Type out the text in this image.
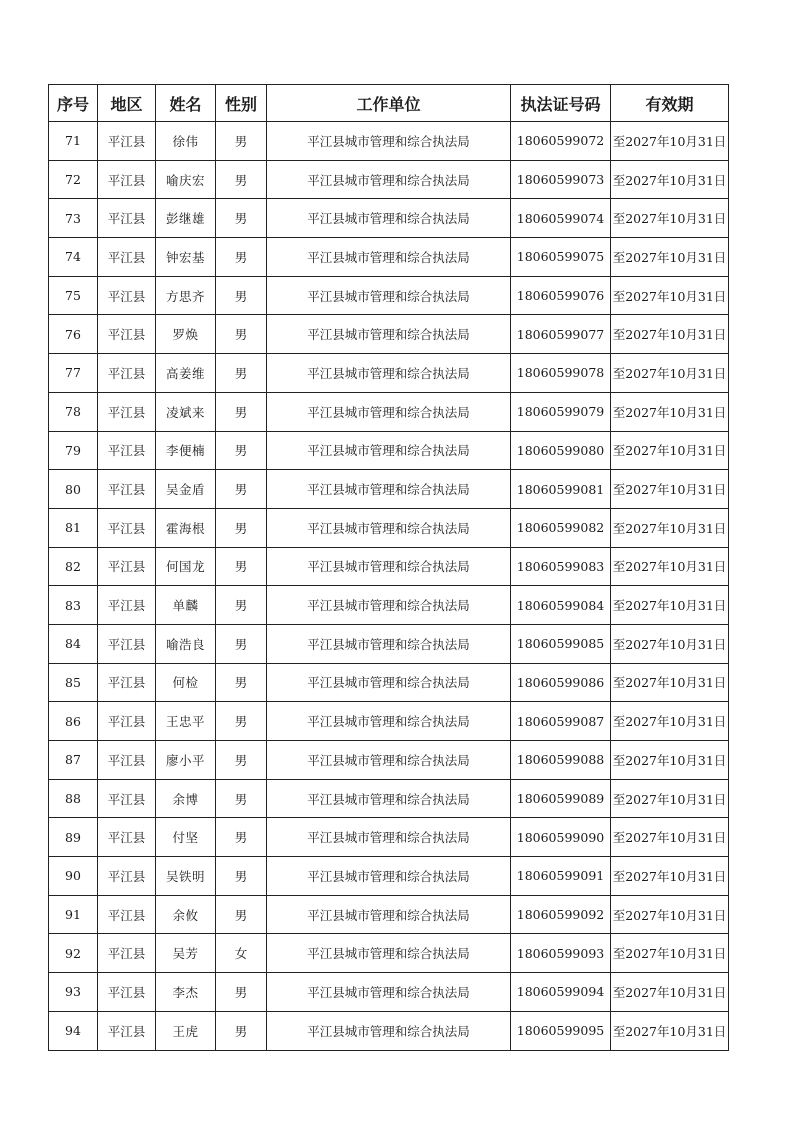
序号	地区	姓名	性别	工作单位	执法证号码	有效期
71	平江县	徐伟	男	平江县城市管理和综合执法局	18060599072	至2027年10月31日
72	平江县	喻庆宏	男	平江县城市管理和综合执法局	18060599073	至2027年10月31日
73	平江县	彭继雄	男	平江县城市管理和综合执法局	18060599074	至2027年10月31日
74	平江县	钟宏基	男	平江县城市管理和综合执法局	18060599075	至2027年10月31日
75	平江县	方思齐	男	平江县城市管理和综合执法局	18060599076	至2027年10月31日
76	平江县	罗焕	男	平江县城市管理和综合执法局	18060599077	至2027年10月31日
77	平江县	高姜维	男	平江县城市管理和综合执法局	18060599078	至2027年10月31日
78	平江县	凌斌来	男	平江县城市管理和综合执法局	18060599079	至2027年10月31日
79	平江县	李便楠	男	平江县城市管理和综合执法局	18060599080	至2027年10月31日
80	平江县	吴金盾	男	平江县城市管理和综合执法局	18060599081	至2027年10月31日
81	平江县	霍海根	男	平江县城市管理和综合执法局	18060599082	至2027年10月31日
82	平江县	何国龙	男	平江县城市管理和综合执法局	18060599083	至2027年10月31日
83	平江县	单麟	男	平江县城市管理和综合执法局	18060599084	至2027年10月31日
84	平江县	喻浩良	男	平江县城市管理和综合执法局	18060599085	至2027年10月31日
85	平江县	何检	男	平江县城市管理和综合执法局	18060599086	至2027年10月31日
86	平江县	王忠平	男	平江县城市管理和综合执法局	18060599087	至2027年10月31日
87	平江县	廖小平	男	平江县城市管理和综合执法局	18060599088	至2027年10月31日
88	平江县	余博	男	平江县城市管理和综合执法局	18060599089	至2027年10月31日
89	平江县	付坚	男	平江县城市管理和综合执法局	18060599090	至2027年10月31日
90	平江县	吴铁明	男	平江县城市管理和综合执法局	18060599091	至2027年10月31日
91	平江县	余攸	男	平江县城市管理和综合执法局	18060599092	至2027年10月31日
92	平江县	吴芳	女	平江县城市管理和综合执法局	18060599093	至2027年10月31日
93	平江县	李杰	男	平江县城市管理和综合执法局	18060599094	至2027年10月31日
94	平江县	王虎	男	平江县城市管理和综合执法局	18060599095	至2027年10月31日
